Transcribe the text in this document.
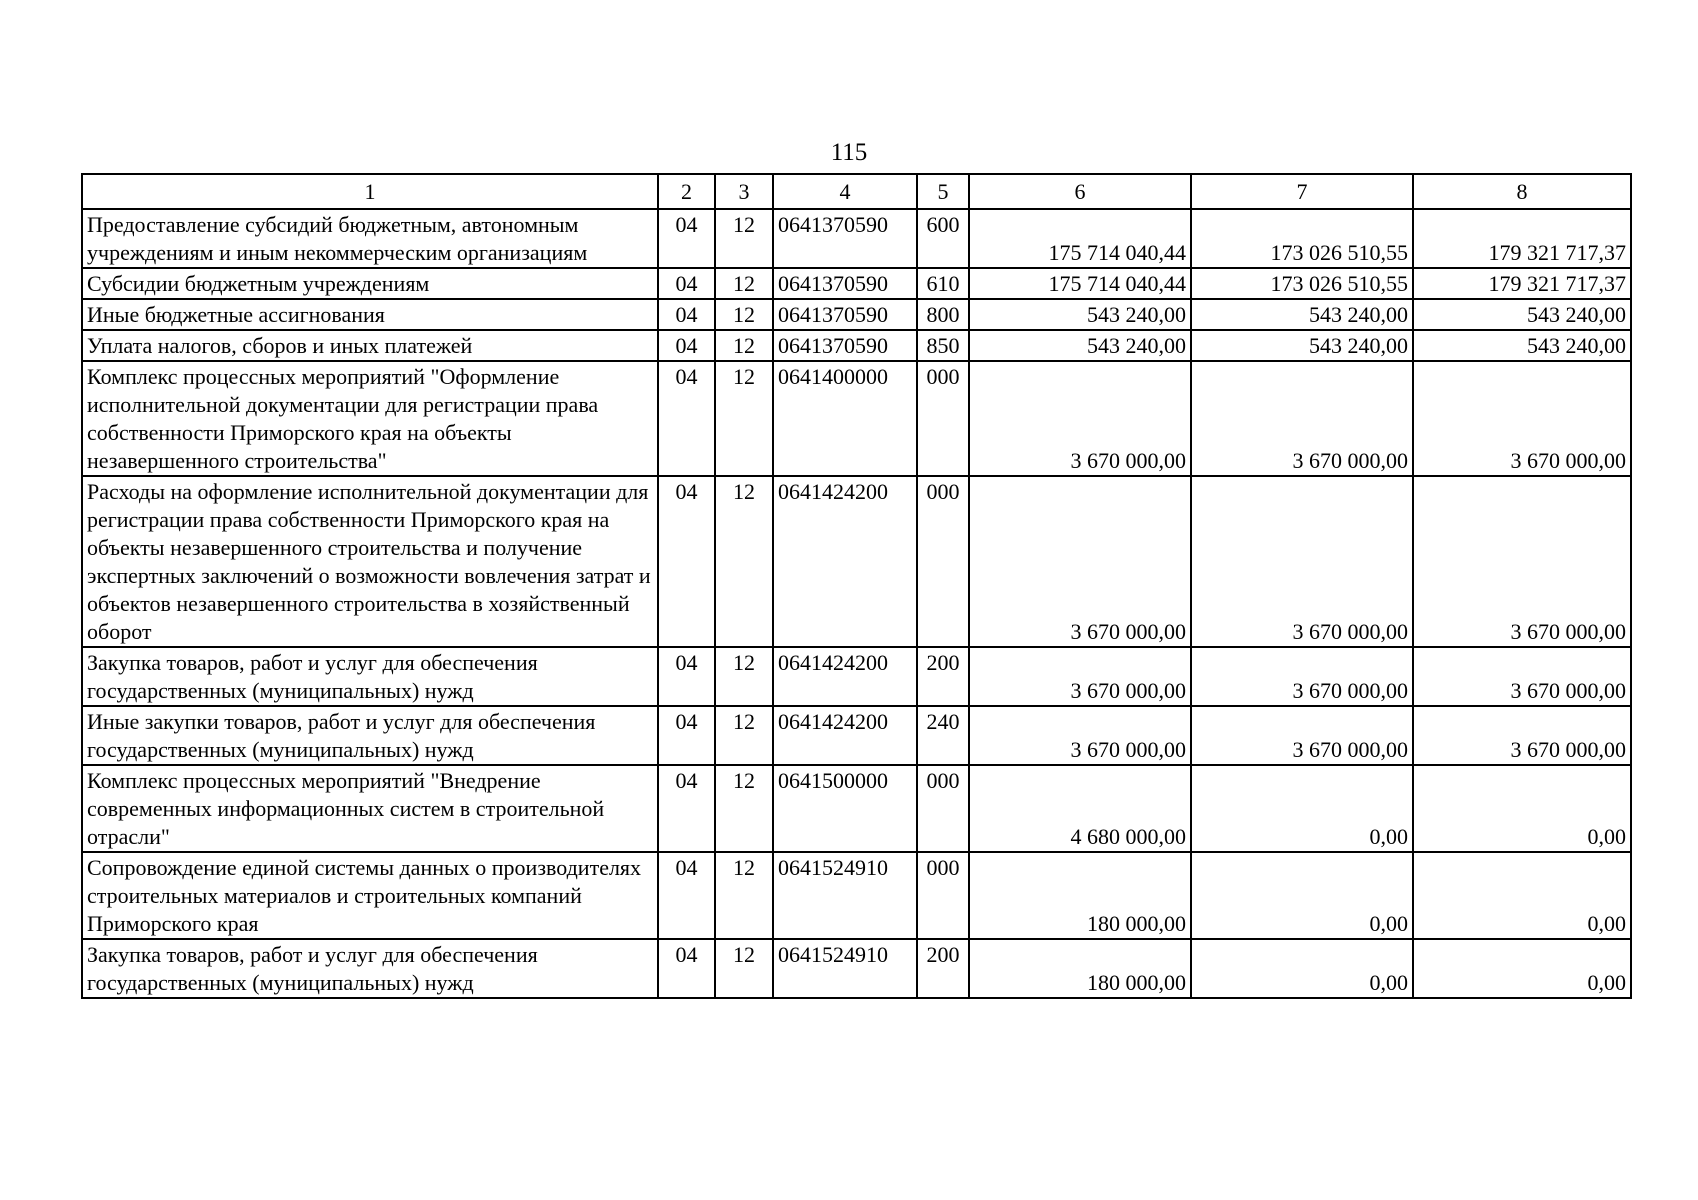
115
1	2	3	4	5	6	7	8
Предоставление субсидий бюджетным, автономным учреждениям и иным некоммерческим организациям	04	12	0641370590	600	175 714 040,44	173 026 510,55	179 321 717,37
Субсидии бюджетным учреждениям	04	12	0641370590	610	175 714 040,44	173 026 510,55	179 321 717,37
Иные бюджетные ассигнования	04	12	0641370590	800	543 240,00	543 240,00	543 240,00
Уплата налогов, сборов и иных платежей	04	12	0641370590	850	543 240,00	543 240,00	543 240,00
Комплекс процессных мероприятий "Оформление исполнительной документации для регистрации права собственности Приморского края на объекты незавершенного строительства"	04	12	0641400000	000	3 670 000,00	3 670 000,00	3 670 000,00
Расходы на оформление исполнительной документации для регистрации права собственности Приморского края на объекты незавершенного строительства и получение экспертных заключений о возможности вовлечения затрат и объектов незавершенного строительства в хозяйственный оборот	04	12	0641424200	000	3 670 000,00	3 670 000,00	3 670 000,00
Закупка товаров, работ и услуг для обеспечения государственных (муниципальных) нужд	04	12	0641424200	200	3 670 000,00	3 670 000,00	3 670 000,00
Иные закупки товаров, работ и услуг для обеспечения государственных (муниципальных) нужд	04	12	0641424200	240	3 670 000,00	3 670 000,00	3 670 000,00
Комплекс процессных мероприятий "Внедрение современных информационных систем в строительной отрасли"	04	12	0641500000	000	4 680 000,00	0,00	0,00
Сопровождение единой системы данных о производителях строительных материалов и строительных компаний Приморского края	04	12	0641524910	000	180 000,00	0,00	0,00
Закупка товаров, работ и услуг для обеспечения государственных (муниципальных) нужд	04	12	0641524910	200	180 000,00	0,00	0,00
